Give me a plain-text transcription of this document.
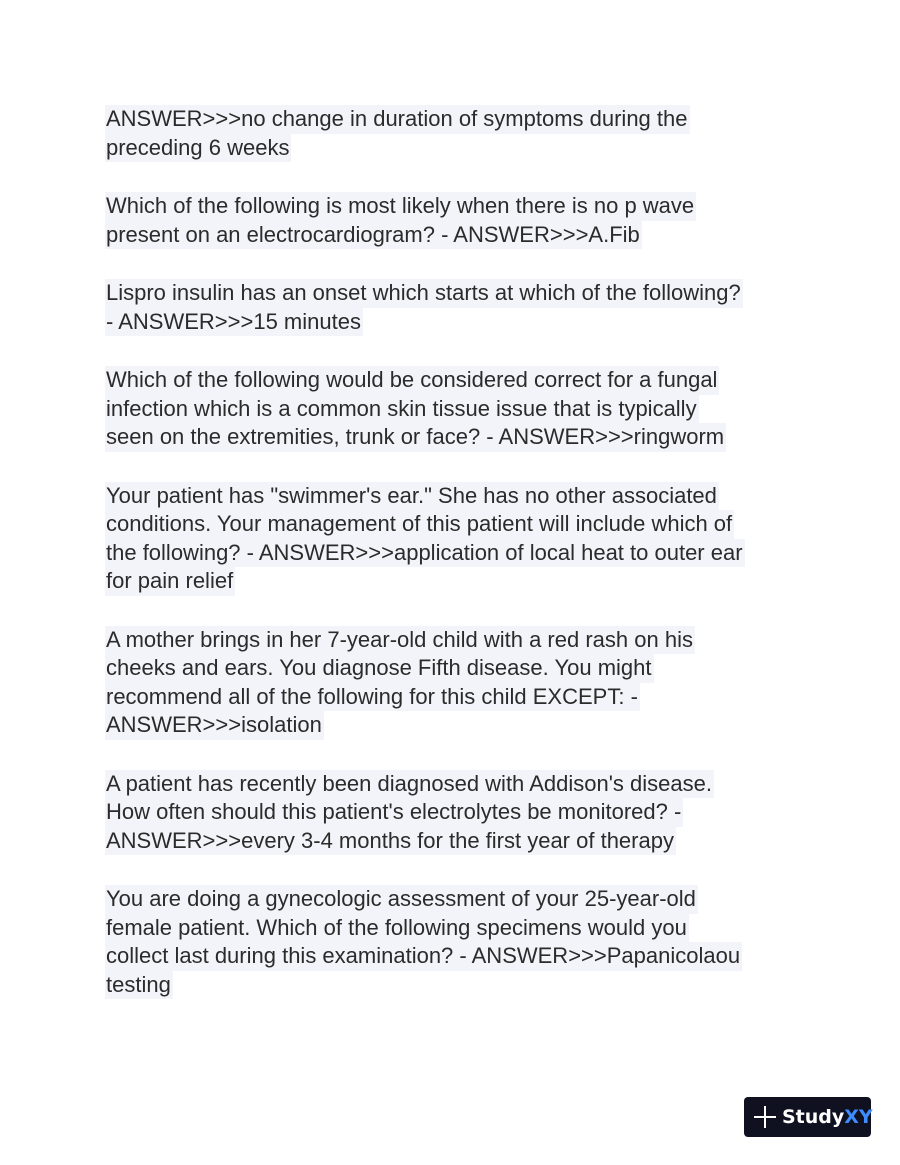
ANSWER>>>no change in duration of symptoms during the
preceding 6 weeks
Which of the following is most likely when there is no p wave
present on an electrocardiogram? - ANSWER>>>A.Fib
Lispro insulin has an onset which starts at which of the following?
- ANSWER>>>15 minutes
Which of the following would be considered correct for a fungal
infection which is a common skin tissue issue that is typically
seen on the extremities, trunk or face? - ANSWER>>>ringworm
Your patient has "swimmer's ear." She has no other associated
conditions. Your management of this patient will include which of
the following? - ANSWER>>>application of local heat to outer ear
for pain relief
A mother brings in her 7-year-old child with a red rash on his
cheeks and ears. You diagnose Fifth disease. You might
recommend all of the following for this child EXCEPT: -
ANSWER>>>isolation
A patient has recently been diagnosed with Addison's disease.
How often should this patient's electrolytes be monitored? -
ANSWER>>>every 3-4 months for the first year of therapy
You are doing a gynecologic assessment of your 25-year-old
female patient. Which of the following specimens would you
collect last during this examination? - ANSWER>>>Papanicolaou
testing
StudyXY
